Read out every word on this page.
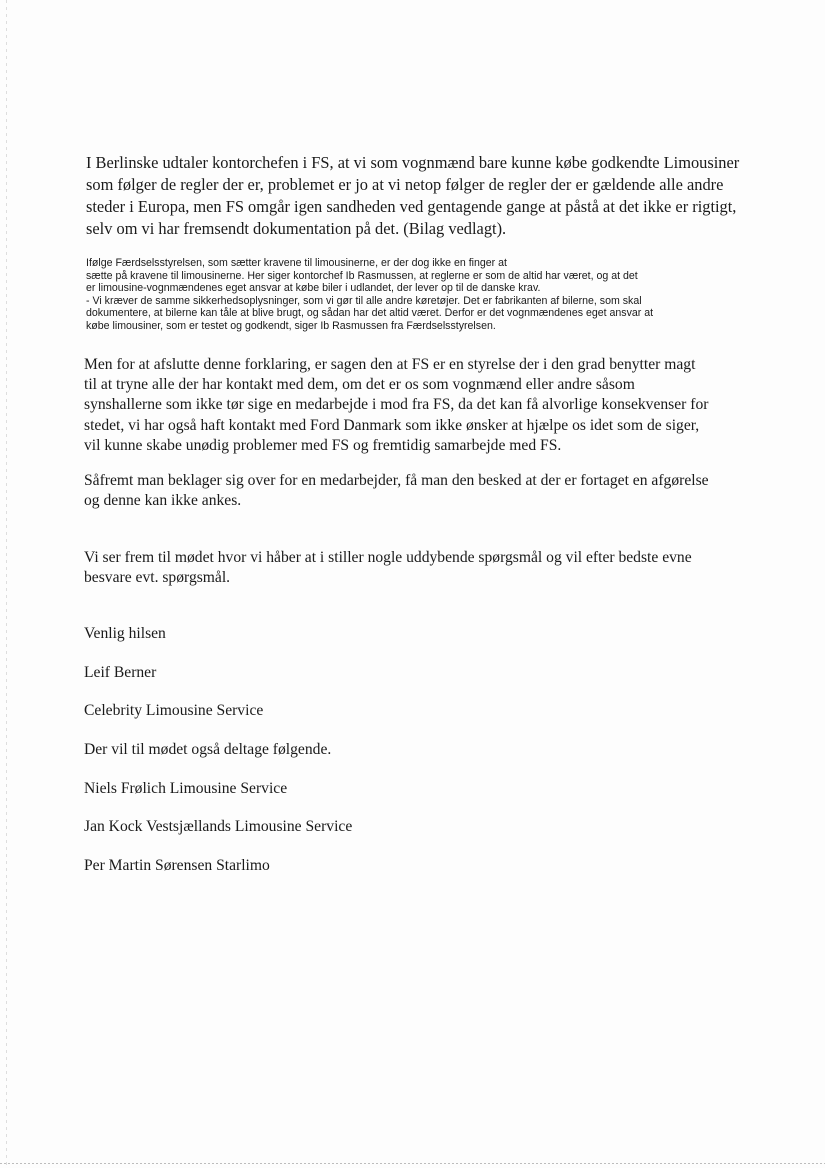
I Berlinske udtaler kontorchefen i FS, at vi som vognmænd bare kunne købe godkendte Limousiner
som følger de regler der er, problemet er jo at vi netop følger de regler der er gældende alle andre
steder i Europa, men FS omgår igen sandheden ved gentagende gange at påstå at det ikke er rigtigt,
selv om vi har fremsendt dokumentation på det. (Bilag vedlagt).

Ifølge Færdselsstyrelsen, som sætter kravene til limousinerne, er der dog ikke en finger at
sætte på kravene til limousinerne. Her siger kontorchef Ib Rasmussen, at reglerne er som de altid har været, og at det
er limousine-vognmændenes eget ansvar at købe biler i udlandet, der lever op til de danske krav.
- Vi kræver de samme sikkerhedsoplysninger, som vi gør til alle andre køretøjer. Det er fabrikanten af bilerne, som skal
dokumentere, at bilerne kan tåle at blive brugt, og sådan har det altid været. Derfor er det vognmændenes eget ansvar at
købe limousiner, som er testet og godkendt, siger Ib Rasmussen fra Færdselsstyrelsen.

Men for at afslutte denne forklaring, er sagen den at FS er en styrelse der i den grad benytter magt
til at tryne alle der har kontakt med dem, om det er os som vognmænd eller andre såsom
synshallerne som ikke tør sige en medarbejde i mod fra FS, da det kan få alvorlige konsekvenser for
stedet, vi har også haft kontakt med Ford Danmark som ikke ønsker at hjælpe os idet som de siger,
vil kunne skabe unødig problemer med FS og fremtidig samarbejde med FS.

Såfremt man beklager sig over for en medarbejder, få man den besked at der er fortaget en afgørelse
og denne kan ikke ankes.

Vi ser frem til mødet hvor vi håber at i stiller nogle uddybende spørgsmål og vil efter bedste evne
besvare evt. spørgsmål.

Venlig hilsen

Leif Berner

Celebrity Limousine Service

Der vil til mødet også deltage følgende.

Niels Frølich Limousine Service

Jan Kock Vestsjællands Limousine Service

Per Martin Sørensen Starlimo
